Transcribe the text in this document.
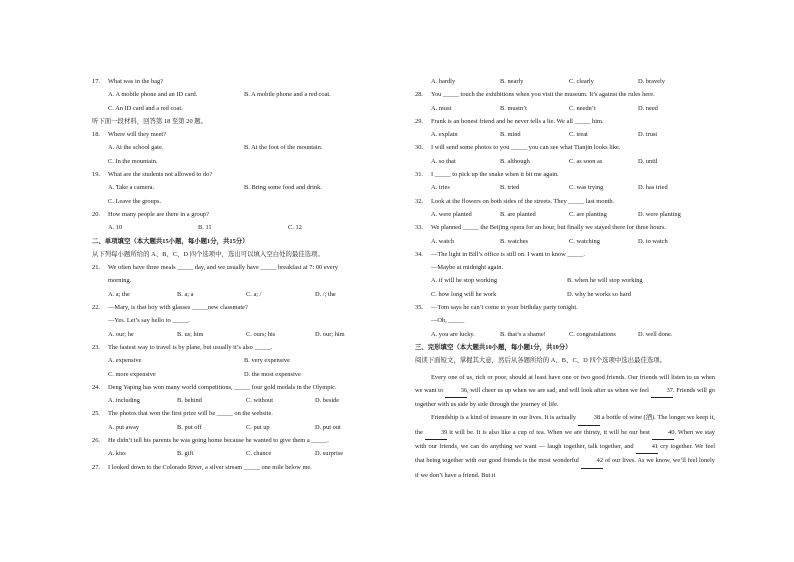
17.	What was in the bag?
A. A mobile phone and an ID card.	B. A mobile phone and a red coat.
C. An ID card and a red coat.
听下面一段材料，回答第 18 至第 20 题。
18.	Where will they meet?
A. At the school gate.	B. At the foot of the mountain.
C. In the mountain.
19.	What are the students not allowed to do?
A. Take a camera.	B. Bring some food and drink.
C. Leave the groups.
20.	How many people are there in a group?
A. 10	B. 11	C. 12
二、单项填空（本大题共15小题，每小题1分，共15分）
从下列每小题所给的 A、B、C、D 四个选项中，选出可以填入空白处的最佳选项。
21.	We often have three meals _____ day, and we usually have _____ breakfast at 7: 00 every
morning.
A. a; the	B. a; a	C. a; /	D. /; the
22.	—Mary, is that boy with glasses _____new classmate?
—Yes. Let’s say hello to _____.
A. our; he	B. us; him	C. ours; his	D. our; him
23.	The fastest way to travel is by plane, but usually it’s also _____.
A. expensive	B. very expensive
C. more expensive	D. the most expensive
24.	Deng Yaping has won many world competitions, _____ four gold medals in the Olympic.
A. including	B. behind	C. without	D. beside
25.	The photos that won the first prize will be _____ on the website.
A. put away	B. put off	C. put up	D. put out
26.	He didn’t tell his parents he was going home because he wanted to give them a _____.
A. kiss	B. gift	C. chance	D. surprise
27.	I looked down to the Colorado River, a silver stream _____ one mile below me.
A. hardly	B. nearly	C. clearly	D. bravely
28.	You _____ touch the exhibitions when you visit the museum. It’s against the rules here.
A. must	B. mustn’t	C. needn’t	D. need
29.	Frank is an honest friend and he never tells a lie. We all _____ him.
A. explain	B. mind	C. treat	D. trust
30.	I will send some photos to you _____ you can see what Tianjin looks like.
A. so that	B. although	C. as soon as	D. until
31.	I _____ to pick up the snake when it bit me again.
A. tries	B. tried	C. was trying	D. has tried
32.	Look at the flowers on both sides of the streets. They _____ last month.
A. were planted	B. are planted	C. are planting	D. were planting
33.	We planned _____ the Beijing opera for an hour, but finally we stayed there for three hours.
A. watch	B. watches	C. watching	D. to watch
34.	—The light in Bill’s office is still on. I want to know _____.
—Maybe at midnight again.
A. if will he stop working	B. when he will stop working
C. how long will he work	D. why he works so hard
35.	—Tom says he can’t come to your birthday party tonight.
—Oh, _____
A. you are lucky.	B. that’s a shame!	C. congratulations	D. well done.
三、完形填空（本大题共10小题，每小题1分，共10分）
阅读下面短文，掌握其大意，然后从各题所给的 A、B、C、D 四个选项中选出最佳选项。
Every one of us, rich or poor, should at least have one or two good friends. Our friends will listen to us when we want to	36, will cheer us up when we are sad, and will look after us when we feel	37. Friends will go together with us side by side through the journey of life.
Friendship is a kind of treasure in our lives. It is actually	38 a bottle of wine (酒). The longer we keep it, the	39 it will be. It is also like a cup of tea. When we are thirsty, it will be our best	40. When we stay with our friends, we can do anything we want — laugh together, talk together, and	41 cry together. We feel that being together with our good friends is the most wonderful	42 of our lives. As we know, we’ll feel lonely if we don’t have a friend. But it
